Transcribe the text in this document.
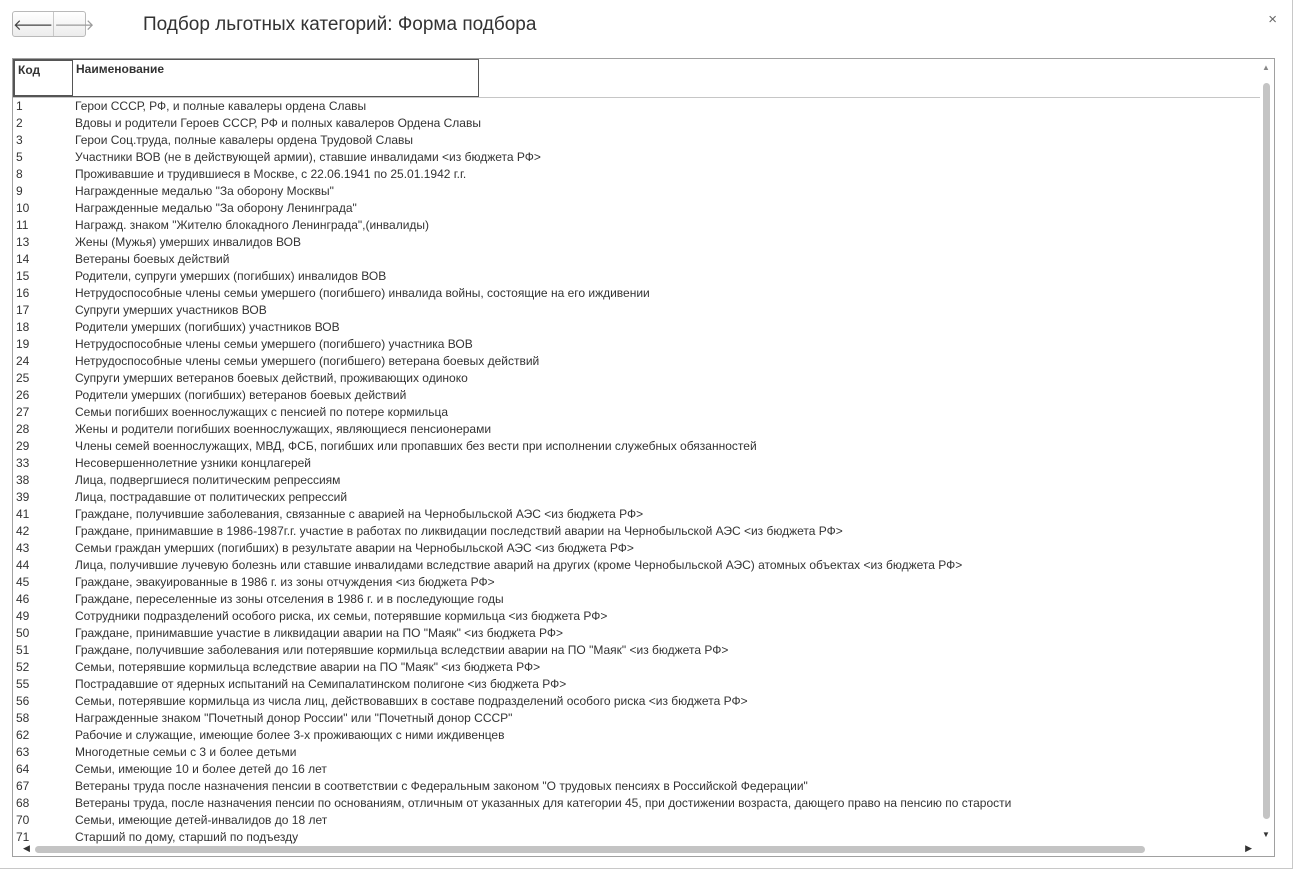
🡐 🡒	Подбор льготных категорий: Форма подбора	×
Код	Наименование
1	Герои СССР, РФ, и полные кавалеры ордена Славы
2	Вдовы и родители Героев СССР, РФ и полных кавалеров Ордена Славы
3	Герои Соц.труда, полные кавалеры ордена Трудовой Славы
5	Участники ВОВ (не в действующей армии), ставшие инвалидами <из бюджета РФ>
8	Проживавшие и трудившиеся в Москве, с 22.06.1941 по 25.01.1942 г.г.
9	Награжденные медалью "За оборону Москвы"
10	Награжденные медалью "За оборону Ленинграда"
11	Награжд. знаком "Жителю блокадного Ленинграда",(инвалиды)
13	Жены (Мужья) умерших инвалидов ВОВ
14	Ветераны боевых действий
15	Родители, супруги умерших (погибших) инвалидов ВОВ
16	Нетрудоспособные члены семьи умершего (погибшего) инвалида войны, состоящие на его иждивении
17	Супруги умерших участников ВОВ
18	Родители умерших (погибших) участников ВОВ
19	Нетрудоспособные члены семьи умершего (погибшего) участника ВОВ
24	Нетрудоспособные члены семьи умершего (погибшего) ветерана боевых действий
25	Супруги умерших ветеранов боевых действий, проживающих одиноко
26	Родители умерших (погибших) ветеранов боевых действий
27	Семьи погибших военнослужащих с пенсией по потере кормильца
28	Жены и родители погибших военнослужащих, являющиеся пенсионерами
29	Члены семей военнослужащих, МВД, ФСБ, погибших или пропавших без вести при исполнении служебных обязанностей
33	Несовершеннолетние узники концлагерей
38	Лица, подвергшиеся политическим репрессиям
39	Лица, пострадавшие от политических репрессий
41	Граждане, получившие заболевания, связанные с аварией на Чернобыльской АЭС <из бюджета РФ>
42	Граждане, принимавшие в 1986-1987г.г. участие в работах по ликвидации последствий аварии на Чернобыльской АЭС <из бюджета РФ>
43	Семьи граждан умерших (погибших) в результате аварии на Чернобыльской АЭС <из бюджета РФ>
44	Лица, получившие лучевую болезнь или ставшие инвалидами вследствие аварий на других (кроме Чернобыльской АЭС) атомных объектах <из бюджета РФ>
45	Граждане, эвакуированные в 1986 г. из зоны отчуждения <из бюджета РФ>
46	Граждане, переселенные из зоны отселения в 1986 г. и в последующие годы
49	Сотрудники подразделений особого риска, их семьи, потерявшие кормильца <из бюджета РФ>
50	Граждане, принимавшие участие в ликвидации аварии на ПО "Маяк" <из бюджета РФ>
51	Граждане, получившие заболевания или потерявшие кормильца вследствии аварии на ПО "Маяк" <из бюджета РФ>
52	Семьи, потерявшие кормильца вследствие аварии на ПО "Маяк" <из бюджета РФ>
55	Пострадавшие от ядерных испытаний на Семипалатинском полигоне <из бюджета РФ>
56	Семьи, потерявшие кормильца из числа лиц, действовавших в составе подразделений особого риска <из бюджета РФ>
58	Награжденные знаком "Почетный донор России" или "Почетный донор СССР"
62	Рабочие и служащие, имеющие более 3-х проживающих с ними иждивенцев
63	Многодетные семьи с 3 и более детьми
64	Семьи, имеющие 10 и более детей до 16 лет
67	Ветераны труда после назначения пенсии в соответствии с Федеральным законом "О трудовых пенсиях в Российской Федерации"
68	Ветераны труда, после назначения пенсии по основаниям, отличным от указанных для категории 45, при достижении возраста, дающего право на пенсию по старости
70	Семьи, имеющие детей-инвалидов до 18 лет
71	Старший по дому, старший по подъезду
▲
▼
◀	▶
